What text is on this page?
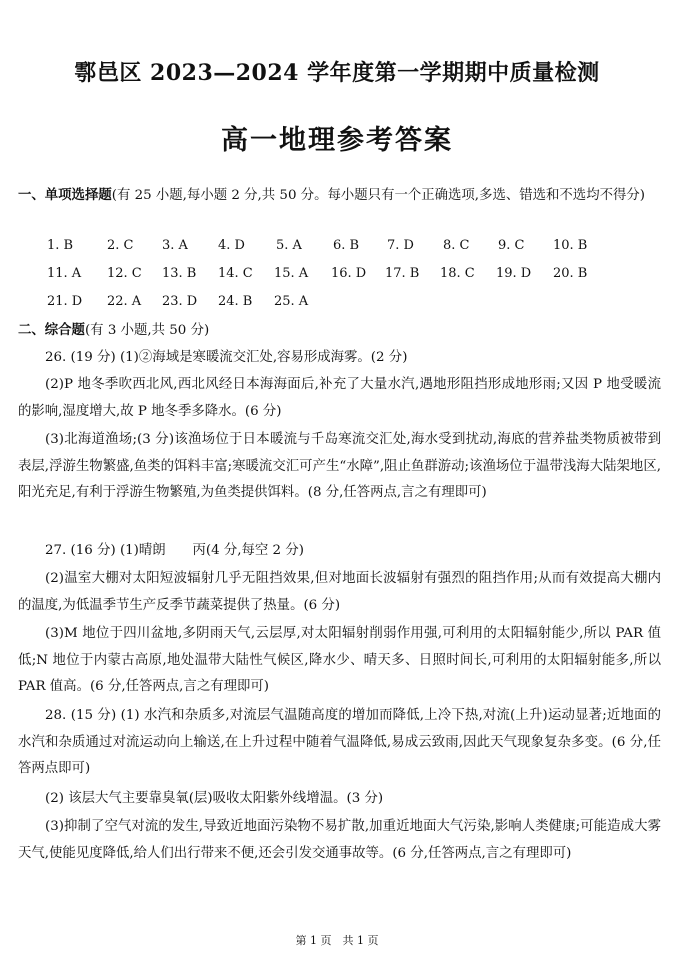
鄠邑区 2023—2024 学年度第一学期期中质量检测
高一地理参考答案
一、单项选择题(有 25 小题,每小题 2 分,共 50 分。每小题只有一个正确选项,多选、错选和不选均不得分)
1. B	2. C 3. A 4. D 5. A 6. B 7. D 8. C 9. C 10. B
11. A 12. C 13. B 14. C 15. A 16. D 17. B 18. C 19. D 20. B
21. D 22. A 23. D 24. B 25. A
二、综合题(有 3 小题,共 50 分)
26. (19 分) (1)②海域是寒暖流交汇处,容易形成海雾。(2 分)
(2)P 地冬季吹西北风,西北风经日本海海面后,补充了大量水汽,遇地形阻挡形成地形雨;又因 P 地受暖流的影响,湿度增大,故 P 地冬季多降水。(6 分)
(3)北海道渔场;(3 分)该渔场位于日本暖流与千岛寒流交汇处,海水受到扰动,海底的营养盐类物质被带到表层,浮游生物繁盛,鱼类的饵料丰富;寒暖流交汇可产生“水障”,阻止鱼群游动;该渔场位于温带浅海大陆架地区,阳光充足,有利于浮游生物繁殖,为鱼类提供饵料。(8 分,任答两点,言之有理即可)
27. (16 分) (1)晴朗　　丙(4 分,每空 2 分)
(2)温室大棚对太阳短波辐射几乎无阻挡效果,但对地面长波辐射有强烈的阻挡作用;从而有效提高大棚内的温度,为低温季节生产反季节蔬菜提供了热量。(6 分)
(3)M 地位于四川盆地,多阴雨天气,云层厚,对太阳辐射削弱作用强,可利用的太阳辐射能少,所以 PAR 值低;N 地位于内蒙古高原,地处温带大陆性气候区,降水少、晴天多、日照时间长,可利用的太阳辐射能多,所以 PAR 值高。(6 分,任答两点,言之有理即可)
28. (15 分) (1) 水汽和杂质多,对流层气温随高度的增加而降低,上冷下热,对流(上升)运动显著;近地面的水汽和杂质通过对流运动向上输送,在上升过程中随着气温降低,易成云致雨,因此天气现象复杂多变。(6 分,任答两点即可)
(2) 该层大气主要靠臭氧(层)吸收太阳紫外线增温。(3 分)
(3)抑制了空气对流的发生,导致近地面污染物不易扩散,加重近地面大气污染,影响人类健康;可能造成大雾天气,使能见度降低,给人们出行带来不便,还会引发交通事故等。(6 分,任答两点,言之有理即可)
第 1 页　共 1 页
